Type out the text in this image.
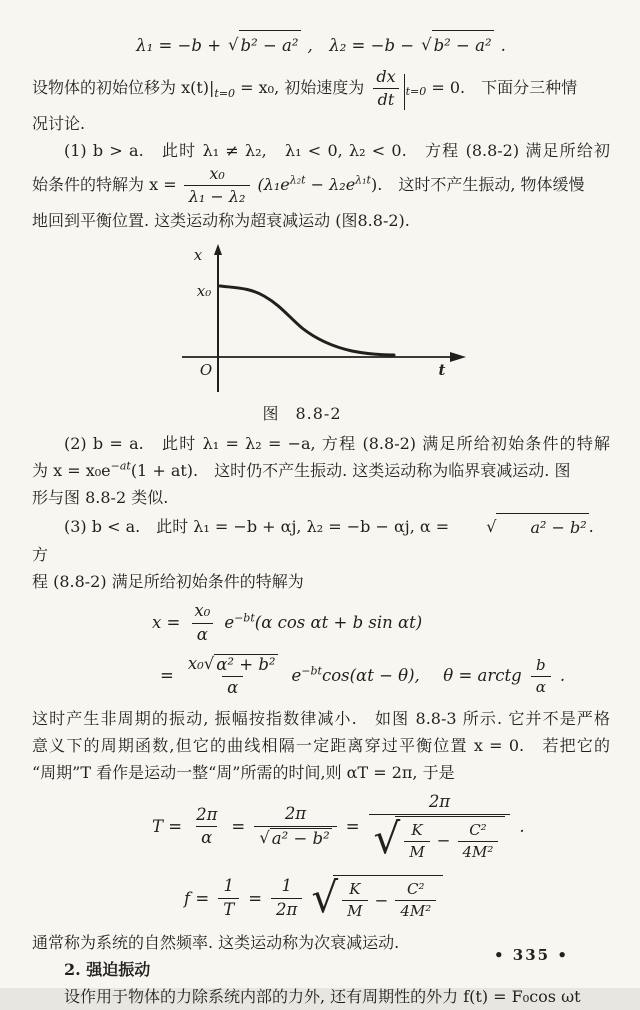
λ₁ = −b + √ b² − a² ,　λ₂ = −b − √ b² − a² .
设物体的初始位移为 $x(t)|_{t=0} = x_0$, 初始速度为 $\frac{dx}{dt} t=0 = 0$.　下面分三种情
况讨论.
(1) b > a.　此时 λ₁ ≠ λ₂,　λ₁ < 0, λ₂ < 0.　方程 (8.8-2) 满足所给初
始条件的特解为 $x = \frac{\text{x₀}}{\text{λ₁ − λ₂}} (\lambda_1e^{\lambda_2t} - \lambda_2e^{\lambda_1t})$.　这时不产生振动, 物体缓慢
地回到平衡位置. 这类运动称为超衰减运动 (图8.8-2).
x
x₀
O	t
图 8.8-2
(2) b = a.　此时 λ₁ = λ₂ = −a, 方程 (8.8-2) 满足所给初始条件的特解
为 $x = x_0e^{-at}(1 + at)$.　这时仍不产生振动. 这类运动称为临界衰减运动. 图
形与图 8.8-2 类似.
(3) b < a.　此时 λ₁ = −b + αj, λ₂ = −b − αj, α =	√ a² − b² .　方
程 (8.8-2) 满足所给初始条件的特解为
$x = \frac{\text{x₀}}{\alpha} e^{-bt}(\alpha$ cos αt + b sin αt)
= $\frac{\text{x₀ √ α² + b²}}{\alpha} e^{-bt}\cos(\alpha t - \theta)$, 　θ = arctg $\frac{b}{\alpha}$ .
这时产生非周期的振动, 振幅按指数律减小.　如图 8.8-3 所示. 它并不是严格
意义下的周期函数,但它的曲线相隔一定距离穿过平衡位置 x = 0.　若把它的
“周期”T 看作是运动一整“周”所需的时间,则 αT = 2π, 于是
$T = \frac{2\pi}{\alpha} = 2\pi$
√ a² − b² = 2π
√ $\frac{K}{M} - \frac{\text{C²}}{\text{4M²}}$ .
$f = \frac{1}{T} = \frac{1}{2\pi}$	√ $\frac{K}{M} - \frac{\text{C²}}{\text{4M²}}$
通常称为系统的自然频率. 这类运动称为次衰减运动.
2. 强迫振动
设作用于物体的力除系统内部的力外, 还有周期性的外力 f(t) = F₀cos ωt
• 335 •
